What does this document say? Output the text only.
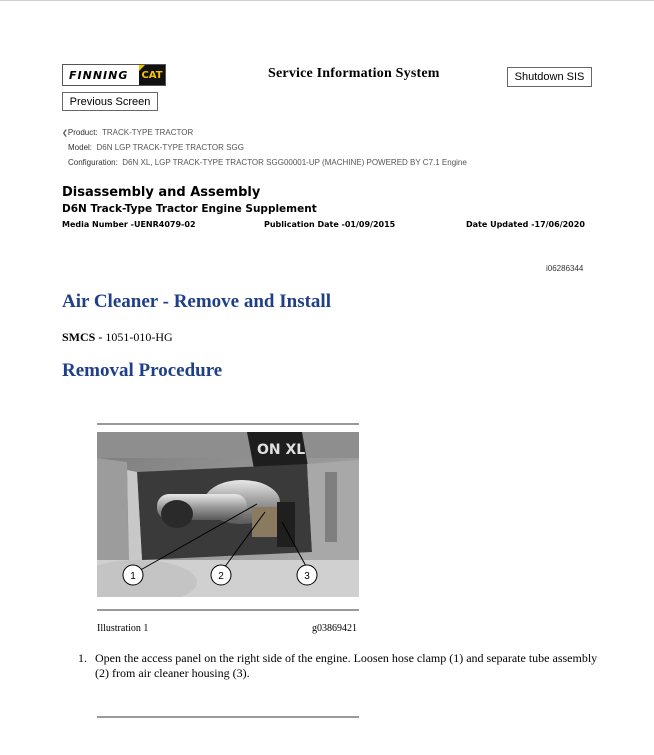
FINNING	CAT	Service Information System	Shutdown SIS
Previous Screen
❮Product: TRACK-TYPE TRACTOR
Model: D6N LGP TRACK-TYPE TRACTOR SGG
Configuration: D6N XL, LGP TRACK-TYPE TRACTOR SGG00001-UP (MACHINE) POWERED BY C7.1 Engine
Disassembly and Assembly
D6N Track-Type Tractor Engine Supplement
Media Number -UENR4079-02	Publication Date -01/09/2015	Date Updated -17/06/2020
i06286344
Air Cleaner - Remove and Install
SMCS - 1051-010-HG
Removal Procedure
ON XL
1	2	3
Illustration 1	g03869421
1. Open the access panel on the right side of the engine. Loosen hose clamp (1) and separate tube assembly (2) from air cleaner housing (3).
